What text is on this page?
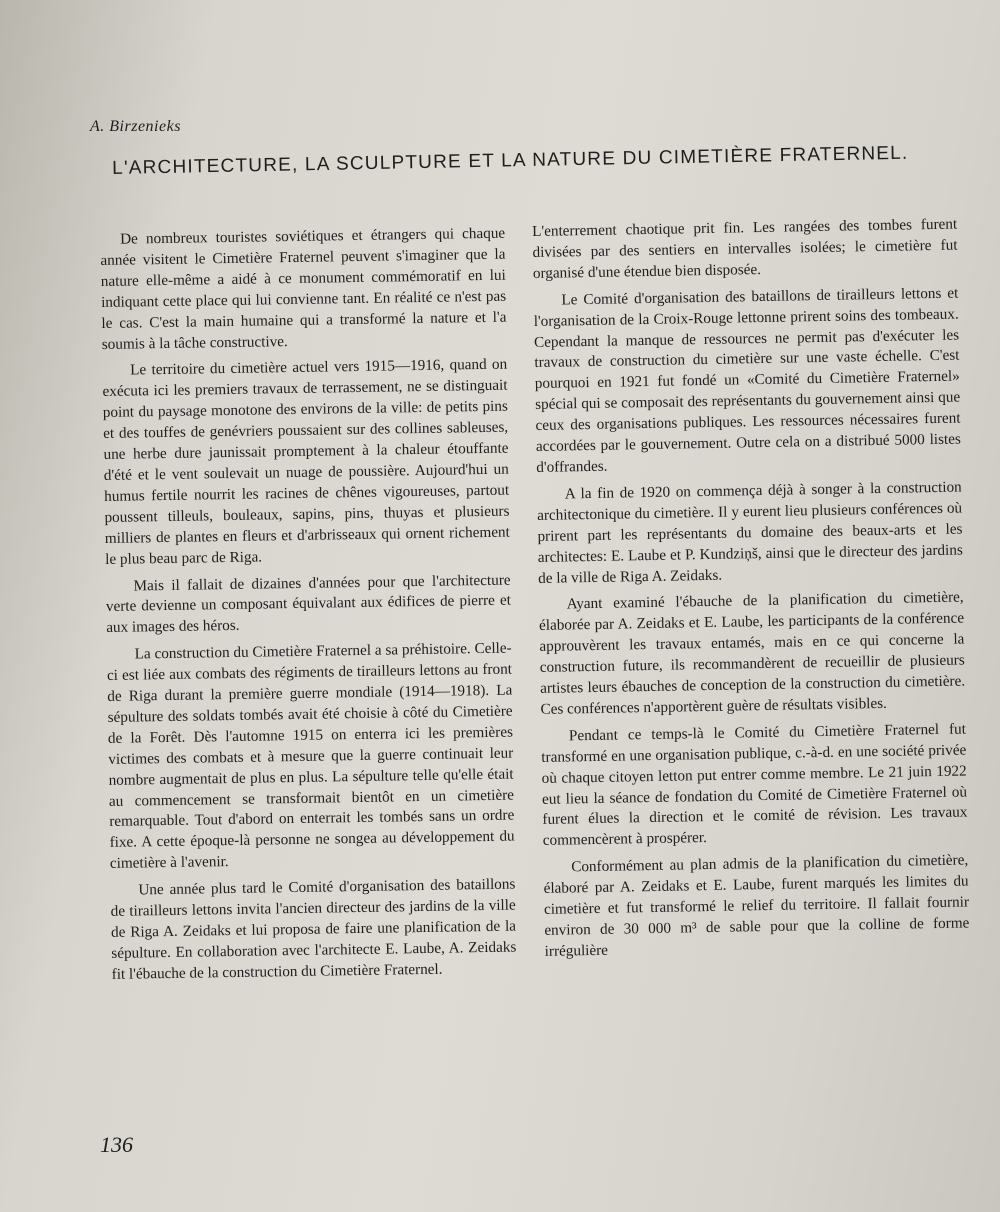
A. Birzenieks
L'ARCHITECTURE, LA SCULPTURE ET LA NATURE DU CIMETIÈRE FRATERNEL.

De nombreux touristes soviétiques et étrangers qui chaque année visitent le Cimetière Fraternel peuvent s'imaginer que la nature elle-même a aidé à ce monument commémoratif en lui indiquant cette place qui lui convienne tant. En réalité ce n'est pas le cas. C'est la main humaine qui a transformé la nature et l'a soumis à la tâche constructive.

Le territoire du cimetière actuel vers 1915—1916, quand on exécuta ici les premiers travaux de terrassement, ne se distinguait point du paysage monotone des environs de la ville: de petits pins et des touffes de genévriers poussaient sur des collines sableuses, une herbe dure jaunissait promptement à la chaleur étouffante d'été et le vent soulevait un nuage de poussière. Aujourd'hui un humus fertile nourrit les racines de chênes vigoureuses, partout poussent tilleuls, bouleaux, sapins, pins, thuyas et plusieurs milliers de plantes en fleurs et d'arbrisseaux qui ornent richement le plus beau parc de Riga.

Mais il fallait de dizaines d'années pour que l'architecture verte devienne un composant équivalant aux édifices de pierre et aux images des héros.

La construction du Cimetière Fraternel a sa préhistoire. Celle-ci est liée aux combats des régiments de tirailleurs lettons au front de Riga durant la première guerre mondiale (1914—1918). La sépulture des soldats tombés avait été choisie à côté du Cimetière de la Forêt. Dès l'automne 1915 on enterra ici les premières victimes des combats et à mesure que la guerre continuait leur nombre augmentait de plus en plus. La sépulture telle qu'elle était au commencement se transformait bientôt en un cimetière remarquable. Tout d'abord on enterrait les tombés sans un ordre fixe. A cette époque-là personne ne songea au développement du cimetière à l'avenir.

Une année plus tard le Comité d'organisation des bataillons de tirailleurs lettons invita l'ancien directeur des jardins de la ville de Riga A. Zeidaks et lui proposa de faire une planification de la sépulture. En collaboration avec l'architecte E. Laube, A. Zeidaks fit l'ébauche de la construction du Cimetière Fraternel.

L'enterrement chaotique prit fin. Les rangées des tombes furent divisées par des sentiers en intervalles isolées; le cimetière fut organisé d'une étendue bien disposée.

Le Comité d'organisation des bataillons de tirailleurs lettons et l'organisation de la Croix-Rouge lettonne prirent soins des tombeaux. Cependant la manque de ressources ne permit pas d'exécuter les travaux de construction du cimetière sur une vaste échelle. C'est pourquoi en 1921 fut fondé un «Comité du Cimetière Fraternel» spécial qui se composait des représentants du gouvernement ainsi que ceux des organisations publiques. Les ressources nécessaires furent accordées par le gouvernement. Outre cela on a distribué 5000 listes d'offrandes.

A la fin de 1920 on commença déjà à songer à la construction architectonique du cimetière. Il y eurent lieu plusieurs conférences où prirent part les représentants du domaine des beaux-arts et les architectes: E. Laube et P. Kundziņš, ainsi que le directeur des jardins de la ville de Riga A. Zeidaks.

Ayant examiné l'ébauche de la planification du cimetière, élaborée par A. Zeidaks et E. Laube, les participants de la conférence approuvèrent les travaux entamés, mais en ce qui concerne la construction future, ils recommandèrent de recueillir de plusieurs artistes leurs ébauches de conception de la construction du cimetière. Ces conférences n'apportèrent guère de résultats visibles.

Pendant ce temps-là le Comité du Cimetière Fraternel fut transformé en une organisation publique, c.-à-d. en une société privée où chaque citoyen letton put entrer comme membre. Le 21 juin 1922 eut lieu la séance de fondation du Comité de Cimetière Fraternel où furent élues la direction et le comité de révision. Les travaux commencèrent à prospérer.

Conformément au plan admis de la planification du cimetière, élaboré par A. Zeidaks et E. Laube, furent marqués les limites du cimetière et fut transformé le relief du territoire. Il fallait fournir environ de 30 000 m³ de sable pour que la colline de forme irrégulière

136
